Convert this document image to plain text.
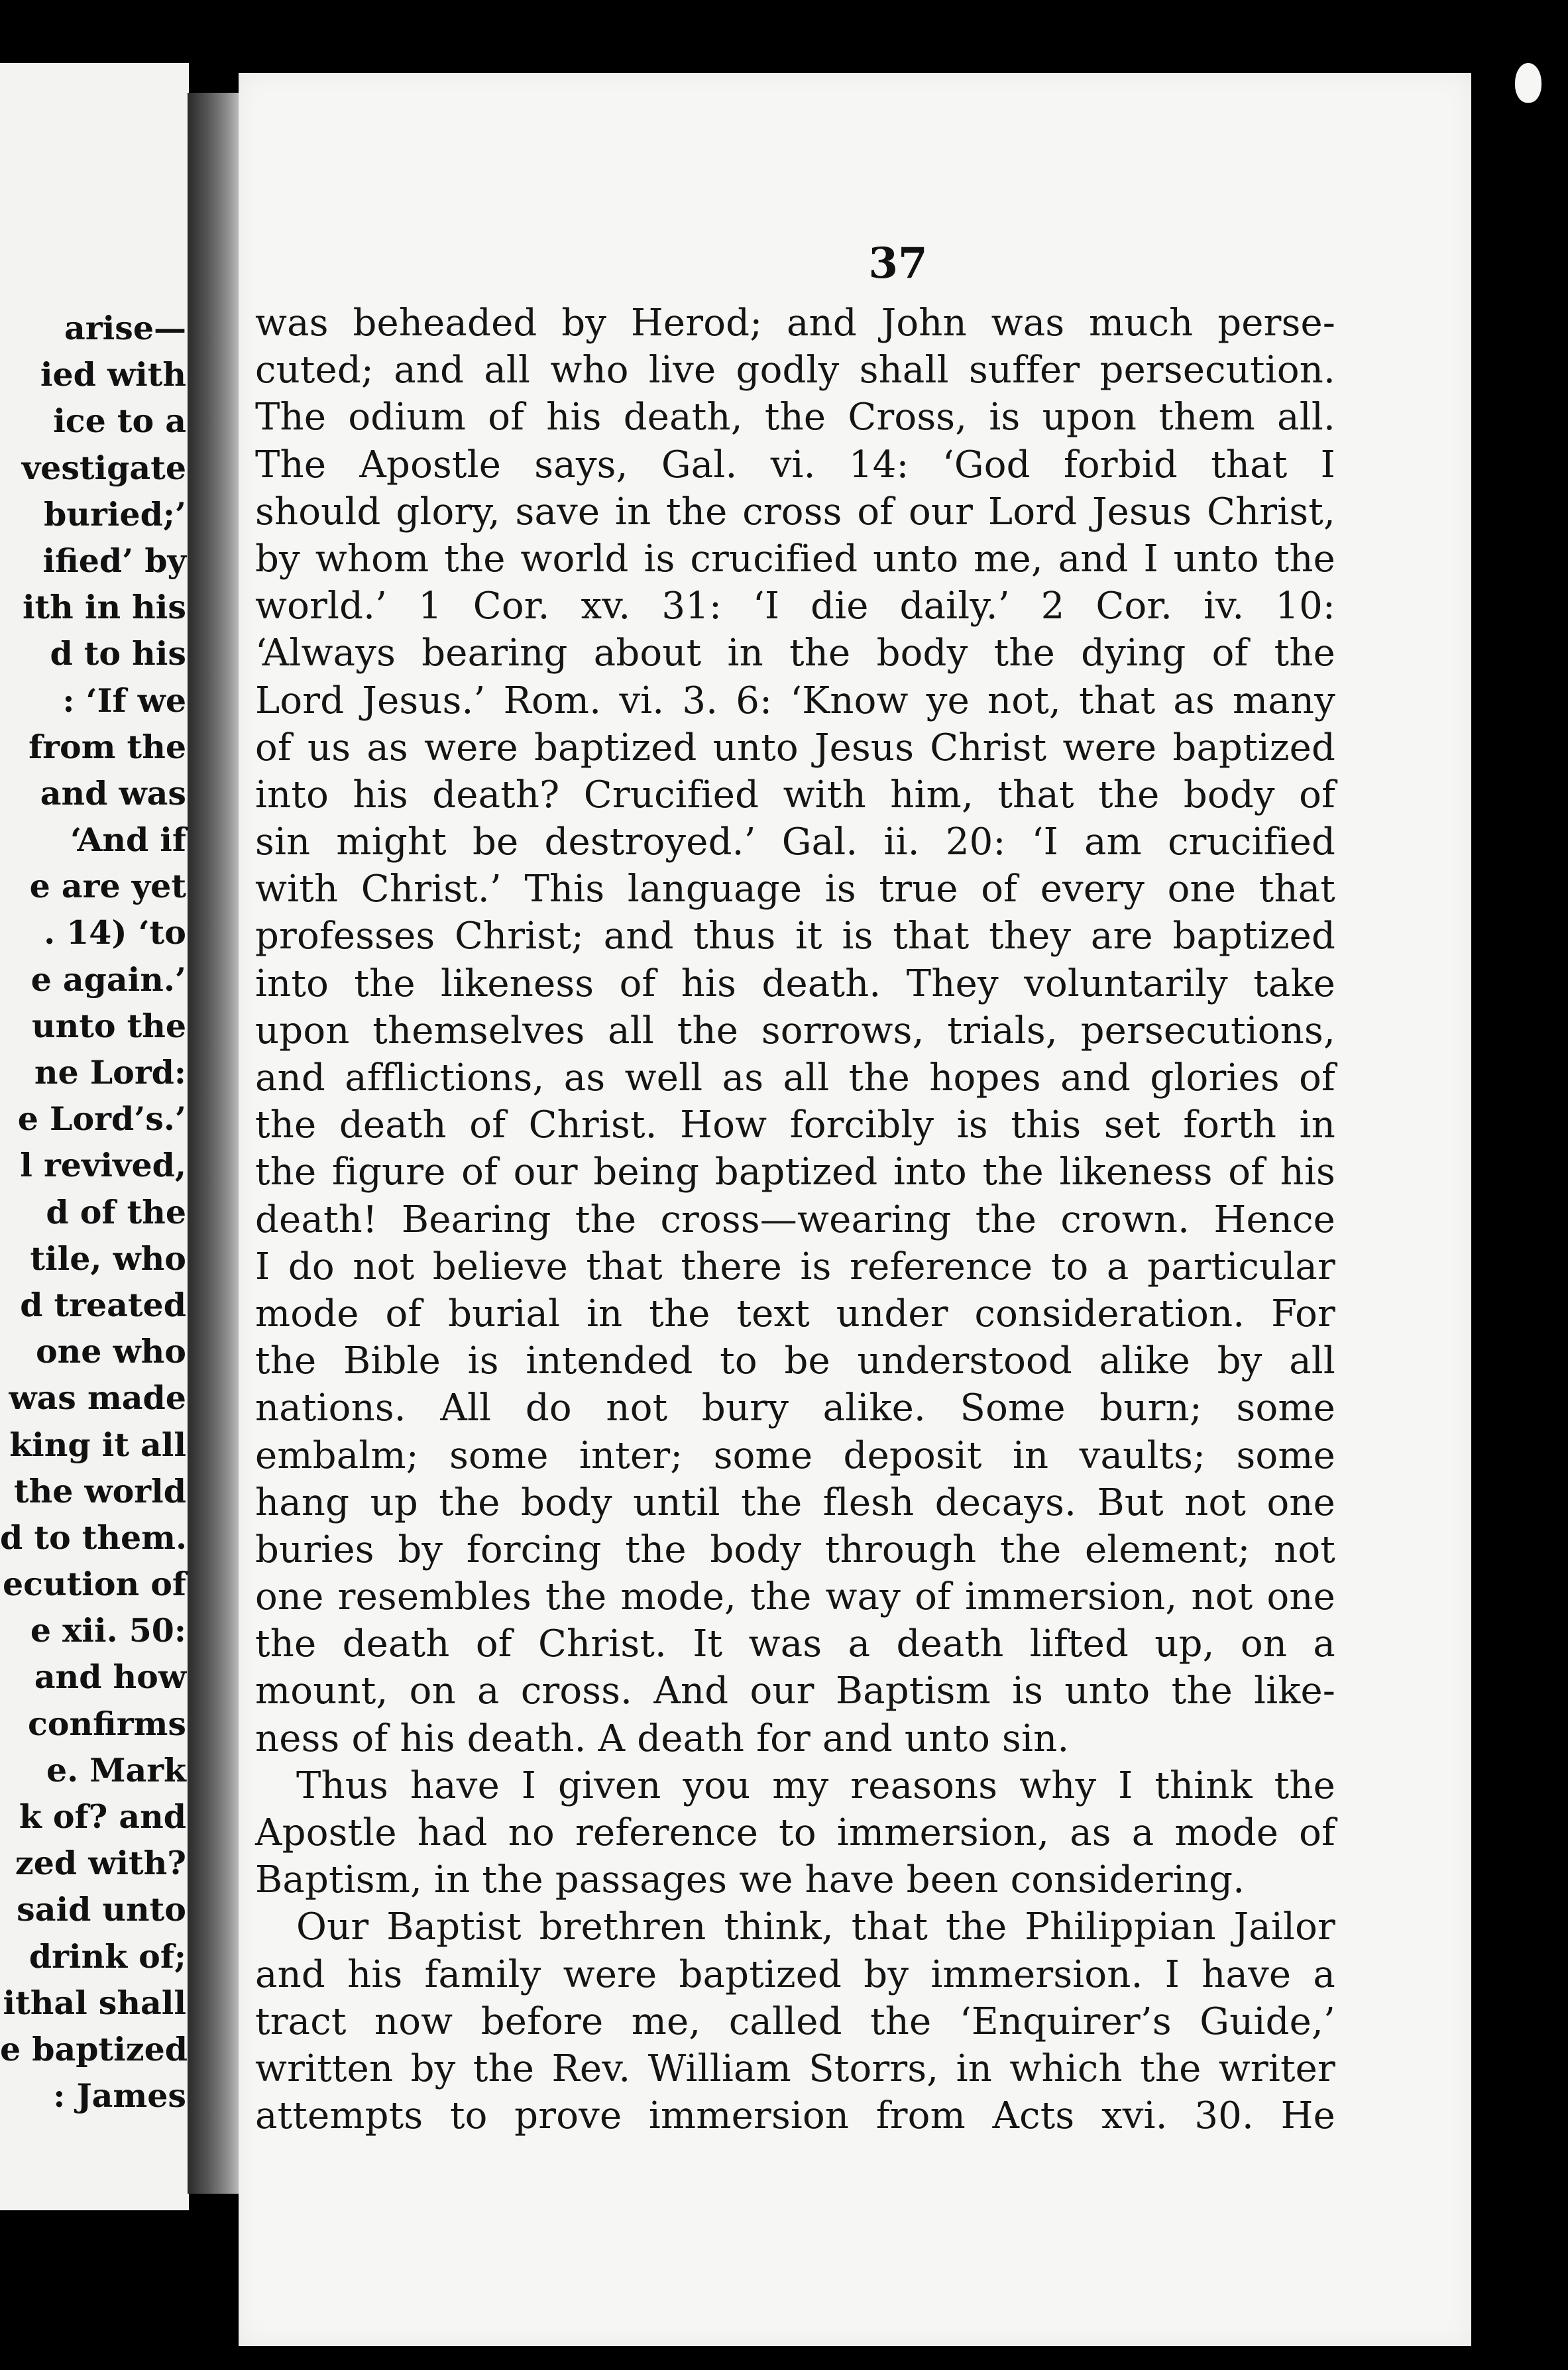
arise—
ied with
ice to a
vestigate
buried;’
ified’ by
ith in his
d to his
: ‘If we
from the
and was
‘And if
e are yet
. 14) ‘to
e again.’
unto the
ne Lord:
e Lord’s.’
l revived,
d of the
tile, who
d treated
one who
was made
king it all
the world
d to them.
ecution of
e xii. 50:
and how
confirms
e. Mark
k of? and
zed with?
said unto
drink of;
ithal shall
e baptized
: James
37
was beheaded by Herod; and John was much perse-
cuted; and all who live godly shall suffer persecution.
The odium of his death, the Cross, is upon them all.
The Apostle says, Gal. vi. 14: ‘God forbid that I
should glory, save in the cross of our Lord Jesus Christ,
by whom the world is crucified unto me, and I unto the
world.’ 1 Cor. xv. 31: ‘I die daily.’ 2 Cor. iv. 10:
‘Always bearing about in the body the dying of the
Lord Jesus.’ Rom. vi. 3. 6: ‘Know ye not, that as many
of us as were baptized unto Jesus Christ were baptized
into his death? Crucified with him, that the body of
sin might be destroyed.’ Gal. ii. 20: ‘I am crucified
with Christ.’ This language is true of every one that
professes Christ; and thus it is that they are baptized
into the likeness of his death. They voluntarily take
upon themselves all the sorrows, trials, persecutions,
and afflictions, as well as all the hopes and glories of
the death of Christ. How forcibly is this set forth in
the figure of our being baptized into the likeness of his
death! Bearing the cross—wearing the crown. Hence
I do not believe that there is reference to a particular
mode of burial in the text under consideration. For
the Bible is intended to be understood alike by all
nations. All do not bury alike. Some burn; some
embalm; some inter; some deposit in vaults; some
hang up the body until the flesh decays. But not one
buries by forcing the body through the element; not
one resembles the mode, the way of immersion, not one
the death of Christ. It was a death lifted up, on a
mount, on a cross. And our Baptism is unto the like-
ness of his death. A death for and unto sin.
Thus have I given you my reasons why I think the
Apostle had no reference to immersion, as a mode of
Baptism, in the passages we have been considering.
Our Baptist brethren think, that the Philippian Jailor
and his family were baptized by immersion. I have a
tract now before me, called the ‘Enquirer’s Guide,’
written by the Rev. William Storrs, in which the writer
attempts to prove immersion from Acts xvi. 30. He
